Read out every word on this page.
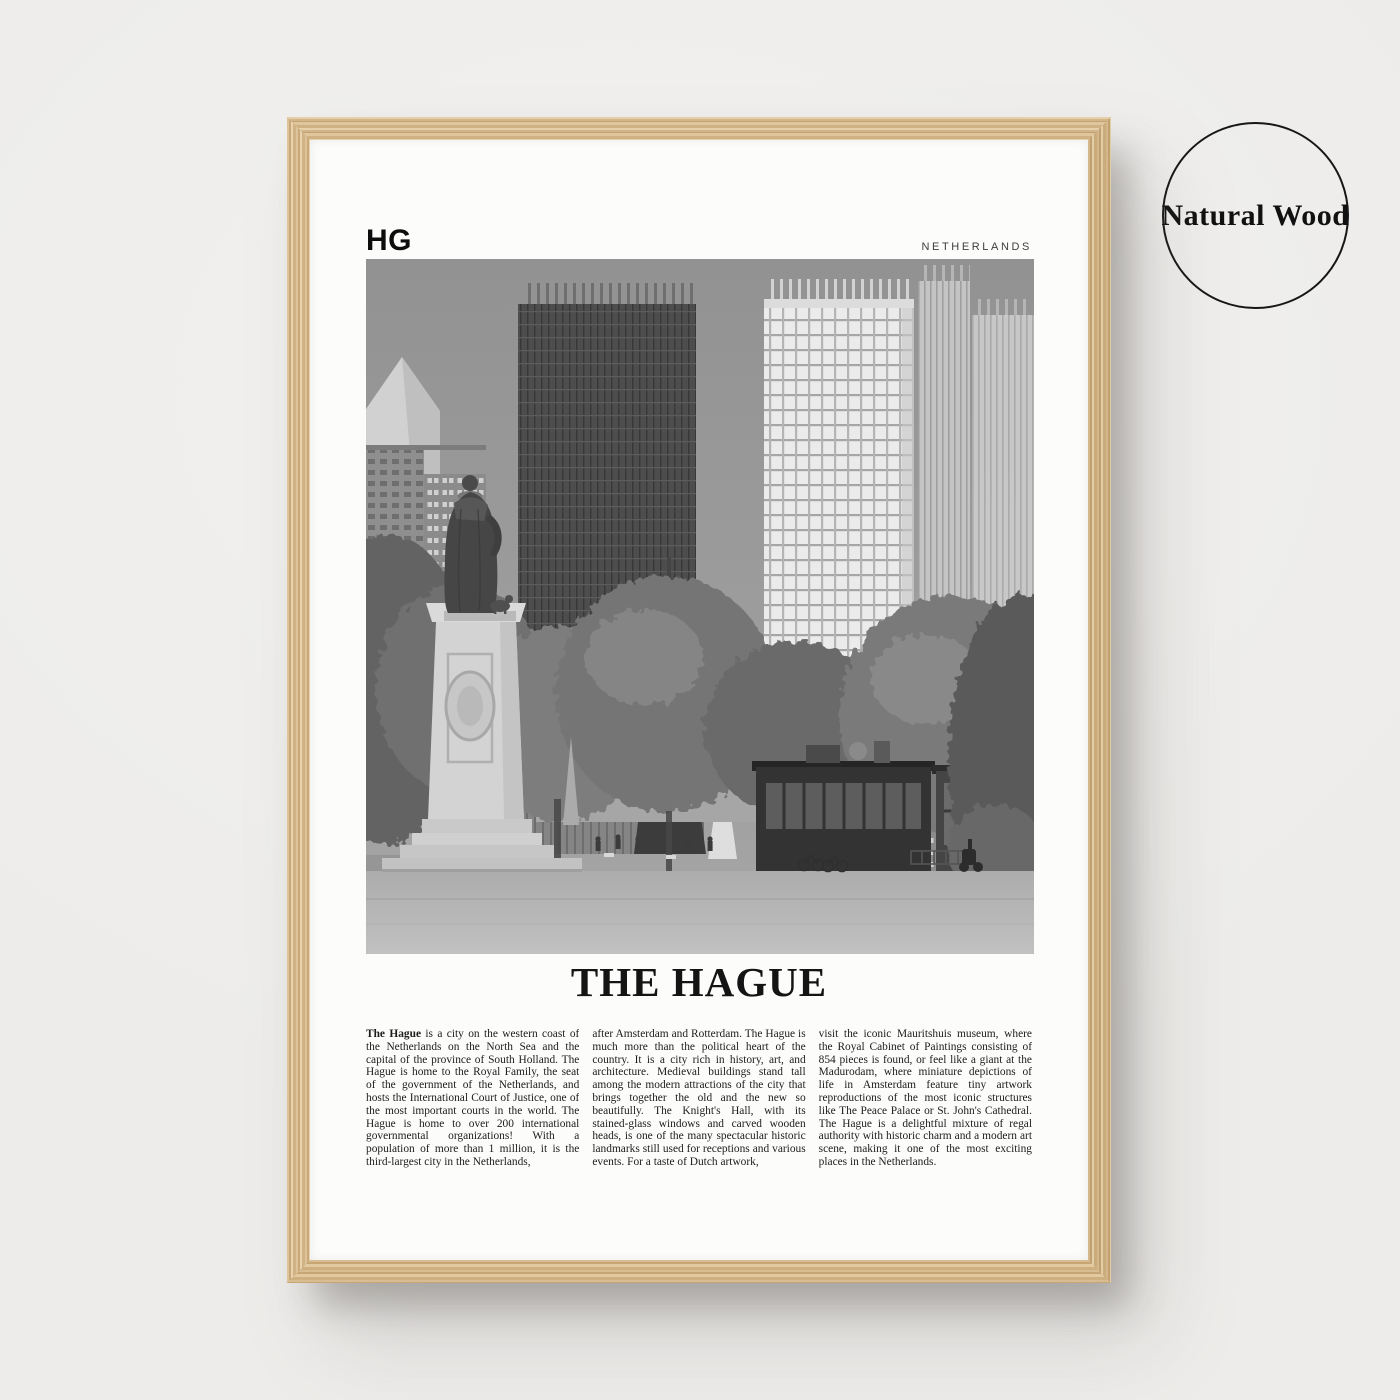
Natural Wood
HG	NETHERLANDS
THE HAGUE
The Hague is a city on the western coast of the Netherlands on the North Sea and the capital of the province of South Holland. The Hague is home to the Royal Family, the seat of the government of the Netherlands, and hosts the International Court of Justice, one of the most important courts in the world. The Hague is home to over 200 international governmental organizations! With a population of more than 1 million, it is the third-largest city in the Netherlands,
after Amsterdam and Rotterdam. The Hague is much more than the political heart of the country. It is a city rich in history, art, and architecture. Medieval buildings stand tall among the modern attractions of the city that brings together the old and the new so beautifully. The Knight's Hall, with its stained-glass windows and carved wooden heads, is one of the many spectacular historic landmarks still used for receptions and various events. For a taste of Dutch artwork,
visit the iconic Mauritshuis museum, where the Royal Cabinet of Paintings consisting of 854 pieces is found, or feel like a giant at the Madurodam, where miniature depictions of life in Amsterdam feature tiny artwork reproductions of the most iconic structures like The Peace Palace or St. John's Cathedral. The Hague is a delightful mixture of regal authority with historic charm and a modern art scene, making it one of the most exciting places in the Netherlands.
